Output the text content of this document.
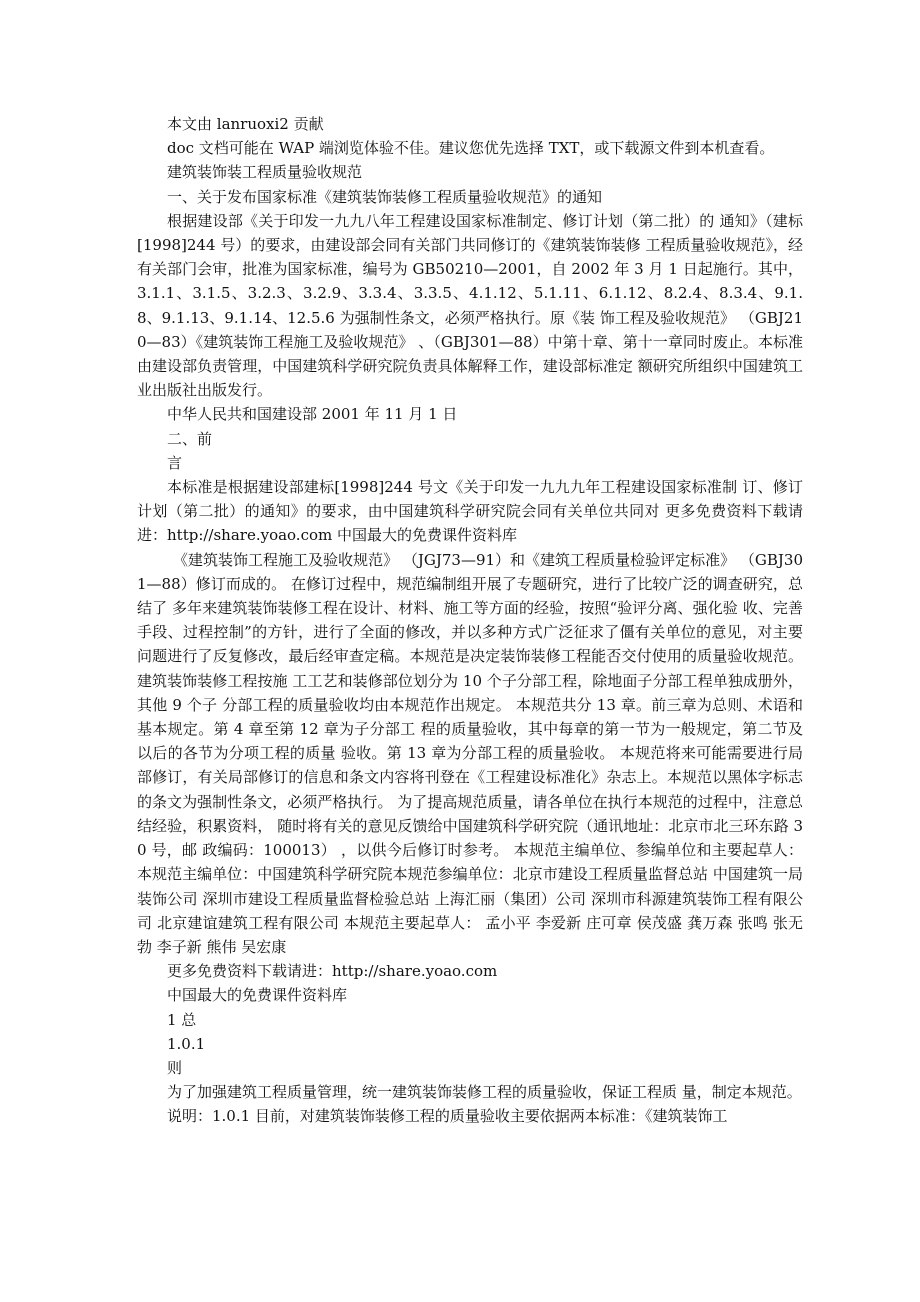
本文由 lanruoxi2 贡献

doc 文档可能在 WAP 端浏览体验不佳。建议您优先选择 TXT，或下载源文件到本机查看。

建筑装饰装工程质量验收规范

一、关于发布国家标准《建筑装饰装修工程质量验收规范》的通知

根据建设部《关于印发一九九八年工程建设国家标准制定、修订计划（第二批）的 通知》（建标[1998]244 号）的要求，由建设部会同有关部门共同修订的《建筑装饰装修 工程质量验收规范》，经有关部门会审，批准为国家标准，编号为 GB50210—2001，自 2002 年 3 月 1 日起施行。其中，3.1.1、3.1.5、3.2.3、3.2.9、3.3.4、3.3.5、4.1.12、5.1.11、6.1.12、8.2.4、8.3.4、9.1.8、9.1.13、9.1.14、12.5.6 为强制性条文，必须严格执行。原《装 饰工程及验收规范》 （GBJ210—83）《建筑装饰工程施工及验收规范》 、（GBJ301—88）中第十章、第十一章同时废止。本标准由建设部负责管理，中国建筑科学研究院负责具体解释工作，建设部标准定 额研究所组织中国建筑工业出版社出版发行。

中华人民共和国建设部 2001 年 11 月 1 日

二、前

言

本标准是根据建设部建标[1998]244 号文《关于印发一九九九年工程建设国家标准制 订、修订计划（第二批）的通知》的要求，由中国建筑科学研究院会同有关单位共同对 更多免费资料下载请进：http://share.yoao.com 中国最大的免费课件资料库

《建筑装饰工程施工及验收规范》 （JGJ73—91）和《建筑工程质量检验评定标准》 （GBJ301—88）修订而成的。 在修订过程中，规范编制组开展了专题研究，进行了比较广泛的调查研究，总结了 多年来建筑装饰装修工程在设计、材料、施工等方面的经验，按照“验评分离、强化验 收、完善手段、过程控制”的方针，进行了全面的修改，并以多种方式广泛征求了僵有关单位的意见，对主要问题进行了反复修改，最后经审查定稿。本规范是决定装饰装修工程能否交付使用的质量验收规范。建筑装饰装修工程按施 工工艺和装修部位划分为 10 个子分部工程，除地面子分部工程单独成册外，其他 9 个子 分部工程的质量验收均由本规范作出规定。 本规范共分 13 章。前三章为总则、术语和基本规定。第 4 章至第 12 章为子分部工 程的质量验收，其中每章的第一节为一般规定，第二节及以后的各节为分项工程的质量 验收。第 13 章为分部工程的质量验收。 本规范将来可能需要进行局部修订，有关局部修订的信息和条文内容将刊登在《工程建设标准化》杂志上。本规范以黑体字标志的条文为强制性条文，必须严格执行。 为了提高规范质量，请各单位在执行本规范的过程中，注意总结经验，积累资料， 随时将有关的意见反馈给中国建筑科学研究院（通讯地址：北京市北三环东路 30 号，邮 政编码：100013） ，以供今后修订时参考。 本规范主编单位、参编单位和主要起草人：本规范主编单位：中国建筑科学研究院本规范参编单位：北京市建设工程质量监督总站 中国建筑一局装饰公司 深圳市建设工程质量监督检验总站 上海汇丽（集团）公司 深圳市科源建筑装饰工程有限公司 北京建谊建筑工程有限公司 本规范主要起草人： 孟小平 李爱新 庄可章 侯茂盛 龚万森 张鸣 张无勃 李子新 熊伟 吴宏康

更多免费资料下载请进：http://share.yoao.com

中国最大的免费课件资料库

1 总

1.0.1

则

为了加强建筑工程质量管理，统一建筑装饰装修工程的质量验收，保证工程质 量，制定本规范。

说明：1.0.1 目前，对建筑装饰装修工程的质量验收主要依据两本标准：《建筑装饰工
